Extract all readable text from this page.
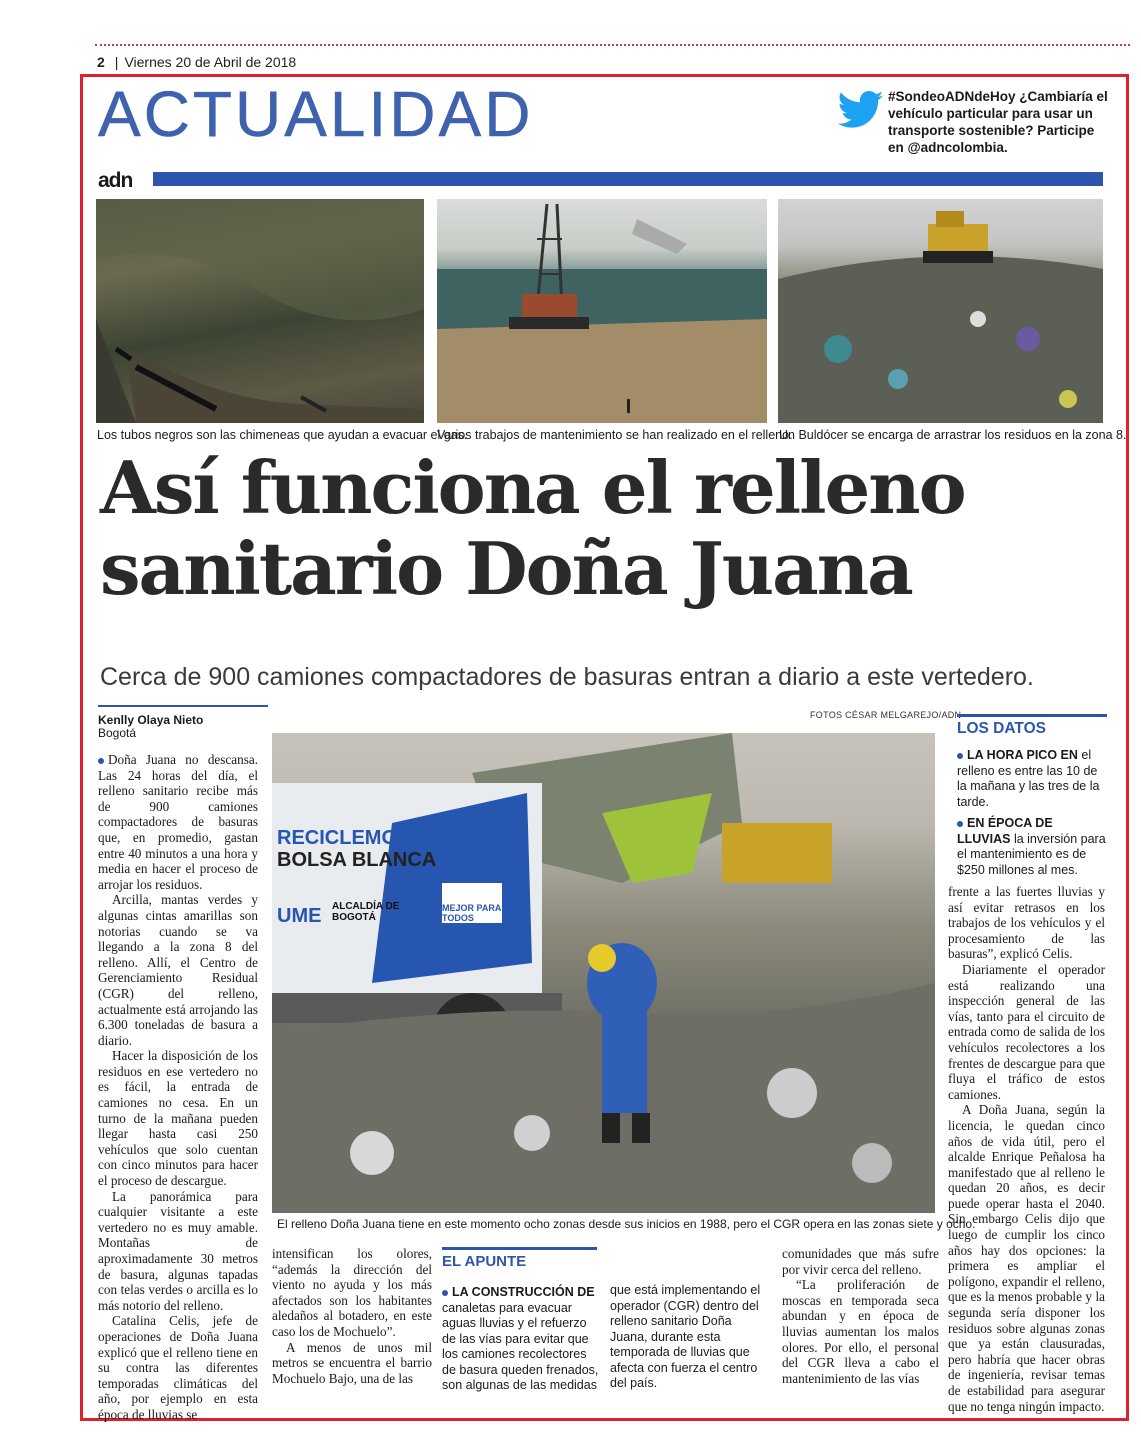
2 | Viernes 20 de Abril de 2018
ACTUALIDAD	#SondeoADNdeHoy ¿Cambiaría el vehículo particular para usar un transporte sostenible? Participe en @adncolombia.
adn
Los tubos negros son las chimeneas que ayudan a evacuar el gas.
Varios trabajos de mantenimiento se han realizado en el relleno.
Un Buldócer se encarga de arrastrar los residuos en la zona 8.
Así funciona el relleno
sanitario Doña Juana
Cerca de 900 camiones compactadores de basuras entran a diario a este vertedero.
Kenlly Olaya Nieto
Bogotá
FOTOS CÉSAR MELGAREJO/ADN

Doña Juana no descansa. Las 24 horas del día, el relleno sanitario recibe más de 900 camiones compactadores de basuras que, en promedio, gastan entre 40 minutos a una hora y media en hacer el proceso de arrojar los residuos.

Arcilla, mantas verdes y algunas cintas amarillas son notorias cuando se va llegando a la zona 8 del relleno. Allí, el Centro de Gerenciamiento Residual (CGR) del relleno, actualmente está arrojando las 6.300 toneladas de basura a diario.

Hacer la disposición de los residuos en ese vertedero no es fácil, la entrada de camiones no cesa. En un turno de la mañana pueden llegar hasta casi 250 vehículos que solo cuentan con cinco minutos para hacer el proceso de descargue.

La panorámica para cualquier visitante a este vertedero no es muy amable. Montañas de aproximadamente 30 metros de basura, algunas tapadas con telas verdes o arcilla es lo más notorio del relleno.

Catalina Celis, jefe de operaciones de Doña Juana explicó que el relleno tiene en su contra las diferentes temporadas climáticas del año, por ejemplo en esta época de lluvias se

RECICLEMOS
BOLSA BLANCA
ALCALDÍA DE BOGOTÁ
MEJOR PARA TODOS
UME
El relleno Doña Juana tiene en este momento ocho zonas desde sus inicios en 1988, pero el CGR opera en las zonas siete y ocho.
LOS DATOS
LA HORA PICO EN el relleno es entre las 10 de la mañana y las tres de la tarde.
EN ÉPOCA DE LLUVIAS la inversión para el mantenimiento es de $250 millones al mes.

frente a las fuertes lluvias y así evitar retrasos en los trabajos de los vehículos y el procesamiento de las basuras”, explicó Celis.

Diariamente el operador está realizando una inspección general de las vías, tanto para el circuito de entrada como de salida de los vehículos recolectores a los frentes de descargue para que fluya el tráfico de estos camiones.

A Doña Juana, según la licencia, le quedan cinco años de vida útil, pero el alcalde Enrique Peñalosa ha manifestado que al relleno le quedan 20 años, es decir puede operar hasta el 2040. Sin embargo Celis dijo que luego de cumplir los cinco años hay dos opciones: la primera es ampliar el polígono, expandir el relleno, que es la menos probable y la segunda sería disponer los residuos sobre algunas zonas que ya están clausuradas, pero habría que hacer obras de ingeniería, revisar temas de estabilidad para asegurar que no tenga ningún impacto.

intensifican los olores, “además la dirección del viento no ayuda y los más afectados son los habitantes aledaños al botadero, en este caso los de Mochuelo”.

A menos de unos mil metros se encuentra el barrio Mochuelo Bajo, una de las

EL APUNTE
LA CONSTRUCCIÓN DE canaletas para evacuar aguas lluvias y el refuerzo de las vías para evitar que los camiones recolectores de basura queden frenados, son algunas de las medidas
que está implementando el operador (CGR) dentro del relleno sanitario Doña Juana, durante esta temporada de lluvias que afecta con fuerza el centro del país.

comunidades que más sufre por vivir cerca del relleno.

“La proliferación de moscas en temporada seca abundan y en época de lluvias aumentan los malos olores. Por ello, el personal del CGR lleva a cabo el mantenimiento de las vías
